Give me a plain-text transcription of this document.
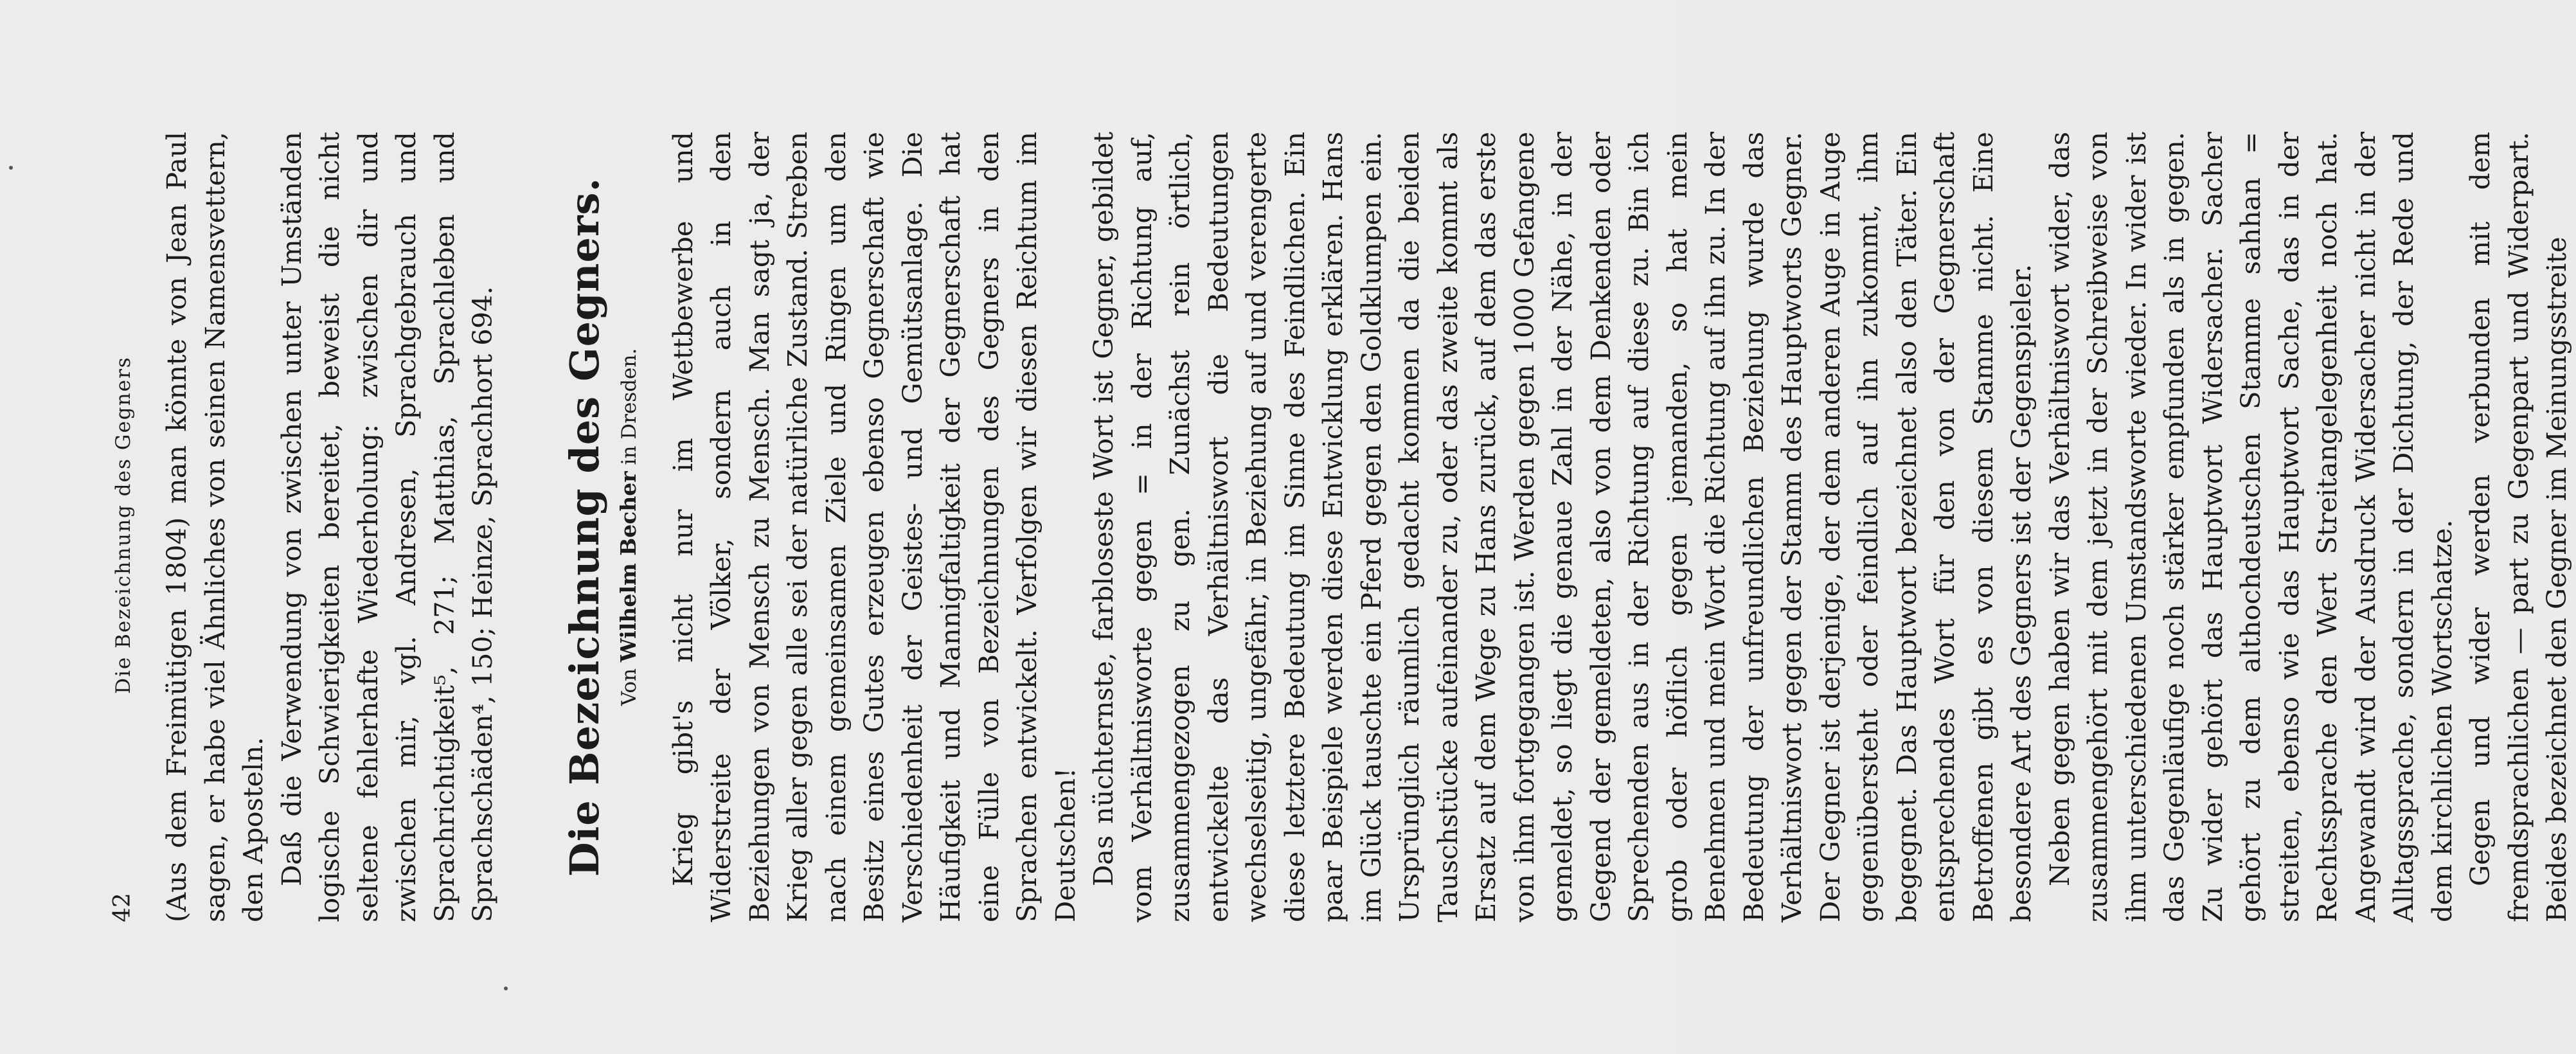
42
Die Bezeichnung des Gegners (Aus dem Freimütigen 1804) man könnte von Jean Paul sagen, er habe viel Ähnliches von seinen Namensvettern, den Aposteln. Daß die Verwendung von zwischen unter Umständen logische Schwierigkeiten bereitet, beweist die nicht seltene fehlerhafte Wiederholung: zwischen dir und zwischen mir, vgl. Andresen, Sprachgebrauch und Sprachrichtigkeit⁵, 271; Matthias, Sprachleben und Sprachschäden⁴, 150; Heinze, Sprachhort 694. Die Bezeichnung des Gegners. Von Wilhelm Becher in Dresden. Krieg gibt's nicht nur im Wettbewerbe und Widerstreite der Völker, sondern auch in den Beziehungen von Mensch zu Mensch. Man sagt ja, der Krieg aller gegen alle sei der natürliche Zustand. Streben nach einem gemeinsamen Ziele und Ringen um den Besitz eines Gutes erzeugen ebenso Gegnerschaft wie Verschiedenheit der Geistes- und Gemütsanlage. Die Häufigkeit und Mannigfaltigkeit der Gegnerschaft hat eine Fülle von Bezeichnungen des Gegners in den Sprachen entwickelt. Verfolgen wir diesen Reichtum im Deutschen! Das nüchternste, farbloseste Wort ist Gegner, gebildet vom Verhältnisworte gegen = in der Richtung auf, zusammengezogen zu gen. Zunächst rein örtlich, entwickelte das Verhältniswort die Bedeutungen wechselseitig, ungefähr, in Beziehung auf und verengerte diese letztere Bedeutung im Sinne des Feindlichen. Ein paar Beispiele werden diese Entwicklung erklären. Hans im Glück tauschte ein Pferd gegen den Goldklumpen ein. Ursprünglich räumlich gedacht kommen da die beiden Tauschstücke aufeinander zu, oder das zweite kommt als Ersatz auf dem Wege zu Hans zurück, auf dem das erste von ihm fortgegangen ist. Werden gegen 1000 Gefangene gemeldet, so liegt die genaue Zahl in der Nähe, in der Gegend der gemeldeten, also von dem Denkenden oder Sprechenden aus in der Richtung auf diese zu. Bin ich grob oder höflich gegen jemanden, so hat mein Benehmen und mein Wort die Richtung auf ihn zu. In der Bedeutung der unfreundlichen Beziehung wurde das Verhältniswort gegen der Stamm des Hauptworts Gegner. Der Gegner ist derjenige, der dem anderen Auge in Auge gegenübersteht oder feindlich auf ihn zukommt, ihm begegnet. Das Hauptwort bezeichnet also den Täter. Ein entsprechendes Wort für den von der Gegnerschaft Betroffenen gibt es von diesem Stamme nicht. Eine besondere Art des Gegners ist der Gegenspieler. Neben gegen haben wir das Verhältniswort wider, das zusammengehört mit dem jetzt in der Schreibweise von ihm unterschiedenen Umstandsworte wieder. In wider ist das Gegenläufige noch stärker empfunden als in gegen. Zu wider gehört das Hauptwort Widersacher. Sacher gehört zu dem althochdeutschen Stamme sahhan = streiten, ebenso wie das Hauptwort Sache, das in der Rechtssprache den Wert Streitangelegenheit noch hat. Angewandt wird der Ausdruck Widersacher nicht in der Alltagssprache, sondern in der Dichtung, der Rede und dem kirchlichen Wortschatze. Gegen und wider werden verbunden mit dem fremdsprachlichen — part zu Gegenpart und Widerpart. Beides bezeichnet den Gegner im Meinungsstreite
